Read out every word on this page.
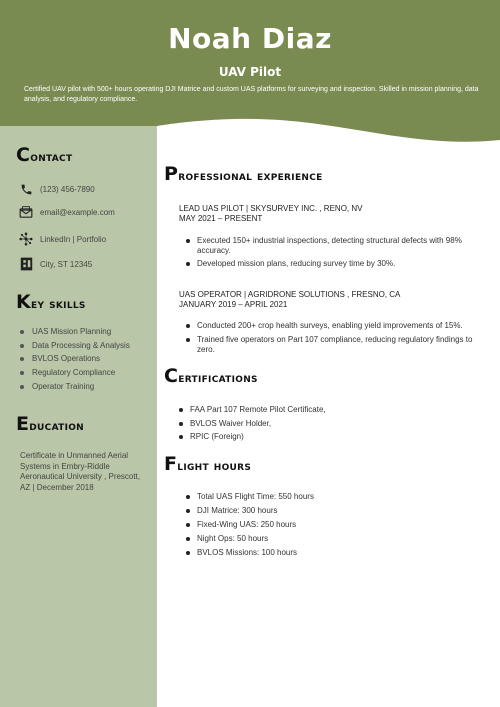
Noah Diaz
UAV Pilot
Certified UAV pilot with 500+ hours operating DJI Matrice and custom UAS platforms for surveying and inspection. Skilled in mission planning, data analysis, and regulatory compliance.
Contact
(123) 456-7890
email@example.com
LinkedIn | Portfolio
City, ST 12345
Key skills
UAS Mission Planning
Data Processing & Analysis
BVLOS Operations
Regulatory Compliance
Operator Training
Education
Certificate in Unmanned Aerial Systems in Embry-Riddle Aeronautical University , Prescott, AZ | December 2018
Professional experience
LEAD UAS PILOT | SKYSURVEY INC. , RENO, NV
MAY 2021 – PRESENT
Executed 150+ industrial inspections, detecting structural defects with 98% accuracy.
Developed mission plans, reducing survey time by 30%.
UAS OPERATOR | AGRIDRONE SOLUTIONS , FRESNO, CA
JANUARY 2019 – APRIL 2021
Conducted 200+ crop health surveys, enabling yield improvements of 15%.
Trained five operators on Part 107 compliance, reducing regulatory findings to zero.
Certifications
FAA Part 107 Remote Pilot Certificate,
BVLOS Waiver Holder,
RPIC (Foreign)
Flight hours
Total UAS Flight Time: 550 hours
DJI Matrice: 300 hours
Fixed-Wing UAS: 250 hours
Night Ops: 50 hours
BVLOS Missions: 100 hours
